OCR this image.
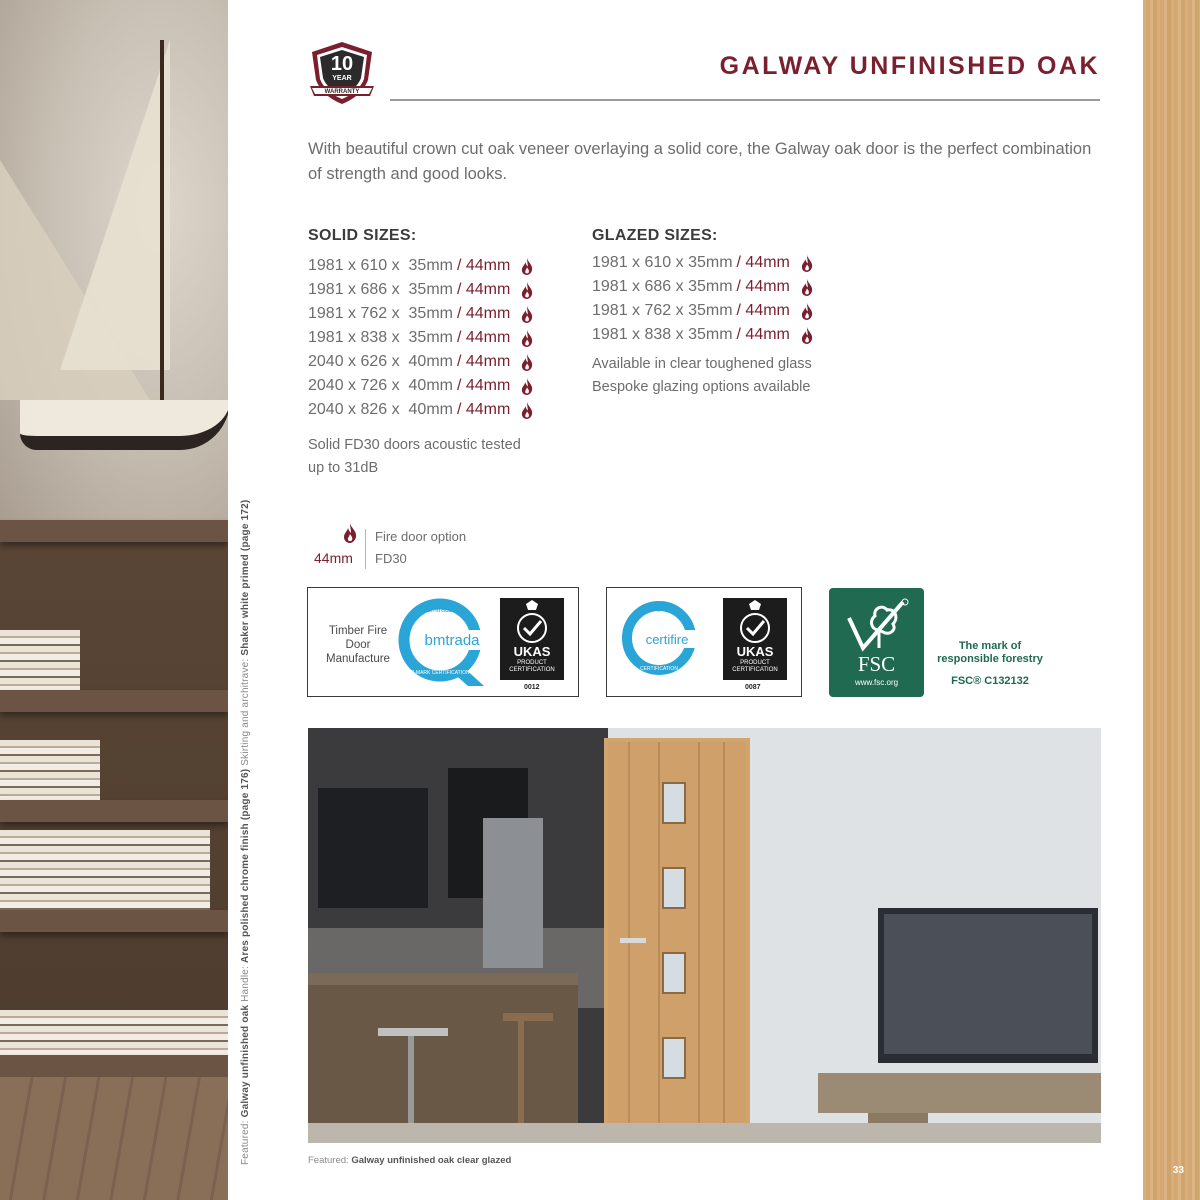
Featured: Galway unfinished oak Handle: Ares polished chrome finish (page 176) Skirting and architrave: Shaker white primed (page 172)
33
10
YEAR
WARRANTY
GALWAY UNFINISHED OAK

With beautiful crown cut oak veneer overlaying a solid core, the Galway oak door is the perfect combination of strength and good looks.

SOLID SIZES:
1981 x 610 x  35mm / 44mm
1981 x 686 x  35mm / 44mm
1981 x 762 x  35mm / 44mm
1981 x 838 x  35mm / 44mm
2040 x 626 x  40mm / 44mm
2040 x 726 x  40mm / 44mm
2040 x 826 x  40mm / 44mm
Solid FD30 doors acoustic tested
up to 31dB
GLAZED SIZES:
1981 x 610 x 35mm / 44mm
1981 x 686 x 35mm / 44mm
1981 x 762 x 35mm / 44mm
1981 x 838 x 35mm / 44mm
Available in clear toughened glass
Bespoke glazing options available
44mm
Fire door option
FD30
Timber Fire
Door
Manufacture
bmtrada
bmtrada
Q-MARK CERTIFICATION
UKAS
PRODUCT
CERTIFICATION
0012
warringtonfire
certifire
CERTIFICATION
UKAS
PRODUCT
CERTIFICATION
0087
FSC
www.fsc.org
The mark of
responsible forestry
FSC® C132132
Featured: Galway unfinished oak clear glazed
